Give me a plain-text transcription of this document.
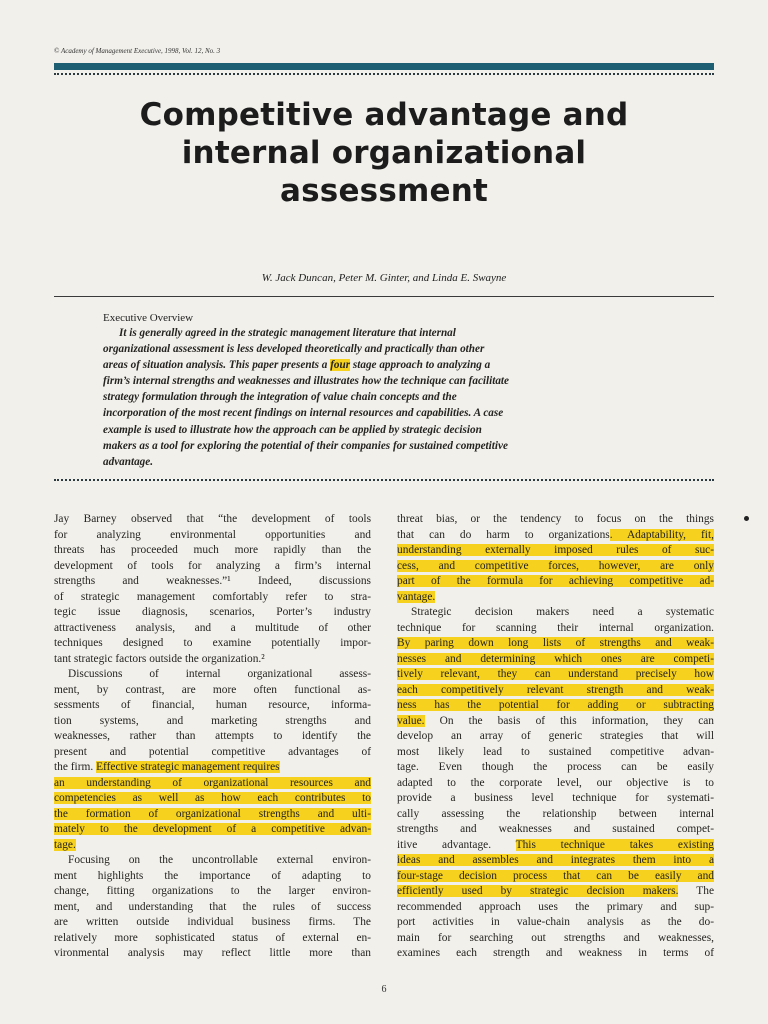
© Academy of Management Executive, 1998, Vol. 12, No. 3
Competitive advantage and
internal organizational
assessment
W. Jack Duncan, Peter M. Ginter, and Linda E. Swayne
Executive Overview
It is generally agreed in the strategic management literature that internal
organizational assessment is less developed theoretically and practically than other
areas of situation analysis. This paper presents a four stage approach to analyzing a
firm’s internal strengths and weaknesses and illustrates how the technique can facilitate
strategy formulation through the integration of value chain concepts and the
incorporation of the most recent findings on internal resources and capabilities. A case
example is used to illustrate how the approach can be applied by strategic decision
makers as a tool for exploring the potential of their companies for sustained competitive
advantage.
Jay Barney observed that “the development of tools
for analyzing environmental opportunities and
threats has proceeded much more rapidly than the
development of tools for analyzing a firm’s internal
strengths and weaknesses.”¹ Indeed, discussions
of strategic management comfortably refer to stra-
tegic issue diagnosis, scenarios, Porter’s industry
attractiveness analysis, and a multitude of other
techniques designed to examine potentially impor-
tant strategic factors outside the organization.²
Discussions of internal organizational assess-
ment, by contrast, are more often functional as-
sessments of financial, human resource, informa-
tion systems, and marketing strengths and
weaknesses, rather than attempts to identify the
present and potential competitive advantages of
the firm. Effective strategic management requires
an understanding of organizational resources and
competencies as well as how each contributes to
the formation of organizational strengths and ulti-
mately to the development of a competitive advan-
tage.
Focusing on the uncontrollable external environ-
ment highlights the importance of adapting to
change, fitting organizations to the larger environ-
ment, and understanding that the rules of success
are written outside individual business firms. The
relatively more sophisticated status of external en-
vironmental analysis may reflect little more than
threat bias, or the tendency to focus on the things
that can do harm to organizations. Adaptability, fit,
understanding externally imposed rules of suc-
cess, and competitive forces, however, are only
part of the formula for achieving competitive ad-
vantage.
Strategic decision makers need a systematic
technique for scanning their internal organization.
By paring down long lists of strengths and weak-
nesses and determining which ones are competi-
tively relevant, they can understand precisely how
each competitively relevant strength and weak-
ness has the potential for adding or subtracting
value. On the basis of this information, they can
develop an array of generic strategies that will
most likely lead to sustained competitive advan-
tage. Even though the process can be easily
adapted to the corporate level, our objective is to
provide a business level technique for systemati-
cally assessing the relationship between internal
strengths and weaknesses and sustained compet-
itive advantage. This technique takes existing
ideas and assembles and integrates them into a
four-stage decision process that can be easily and
efficiently used by strategic decision makers. The
recommended approach uses the primary and sup-
port activities in value-chain analysis as the do-
main for searching out strengths and weaknesses,
examines each strength and weakness in terms of
6
